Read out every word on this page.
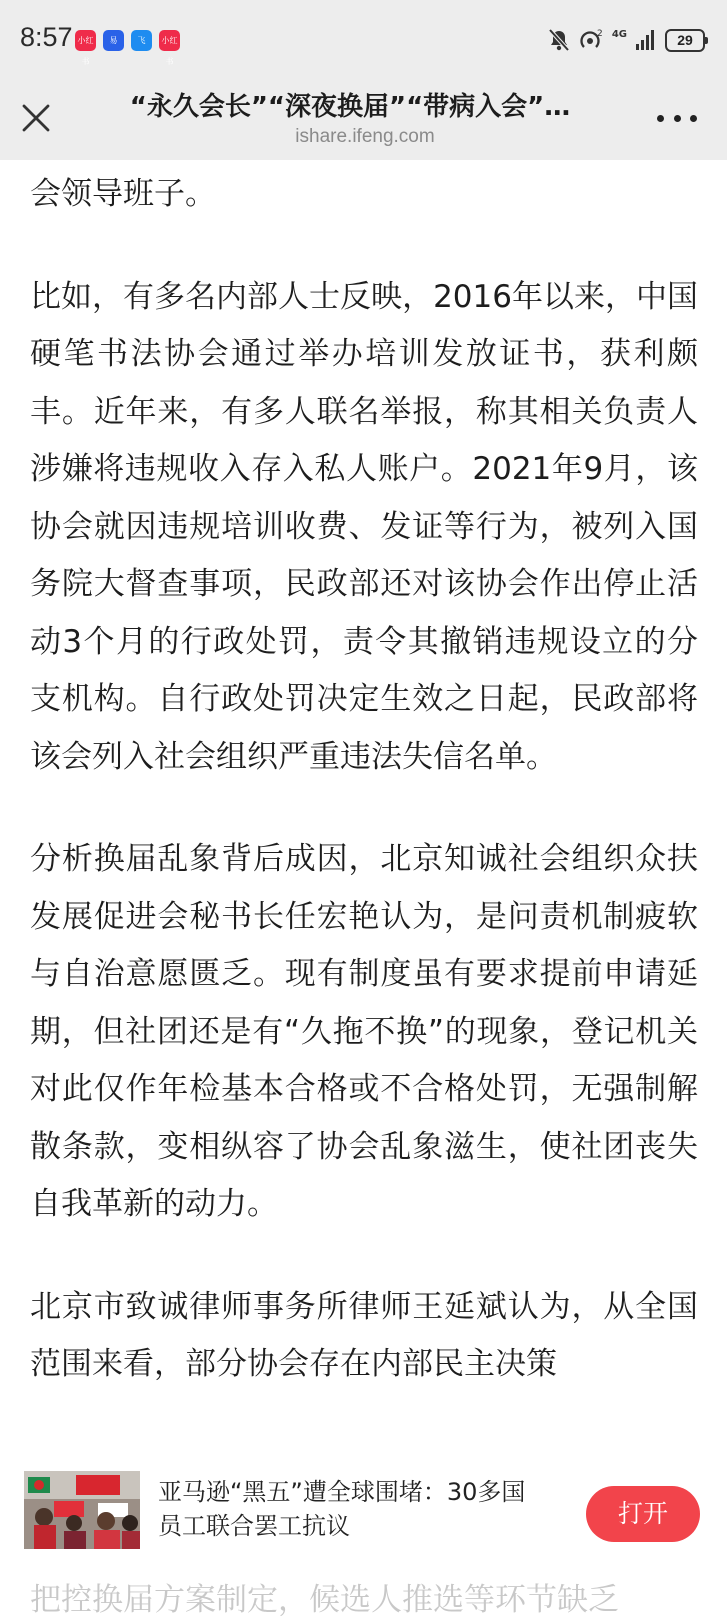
8:57 小红书
易	飞	小红书
2 4G	29
“永久会长”“深夜换届”“带病入会”…
ishare.ifeng.com

会领导班子。

比如，有多名内部人士反映，2016年以来，中国硬笔书法协会通过举办培训发放证书，获利颇丰。近年来，有多人联名举报，称其相关负责人涉嫌将违规收入存入私人账户。2021年9月，该协会就因违规培训收费、发证等行为，被列入国务院大督查事项，民政部还对该协会作出停止活动3个月的行政处罚，责令其撤销违规设立的分支机构。自行政处罚决定生效之日起，民政部将该会列入社会组织严重违法失信名单。

分析换届乱象背后成因，北京知诚社会组织众扶发展促进会秘书长任宏艳认为，是问责机制疲软与自治意愿匮乏。现有制度虽有要求提前申请延期，但社团还是有“久拖不换”的现象，登记机关对此仅作年检基本合格或不合格处罚，无强制解散条款，变相纵容了协会乱象滋生，使社团丧失自我革新的动力。

北京市致诚律师事务所律师王延斌认为，从全国范围来看，部分协会存在内部民主决策

亚马逊“黑五”遭全球围堵：30多国员工联合罢工抗议	打开
把控换届方案制定，候选人推选等环节缺乏
